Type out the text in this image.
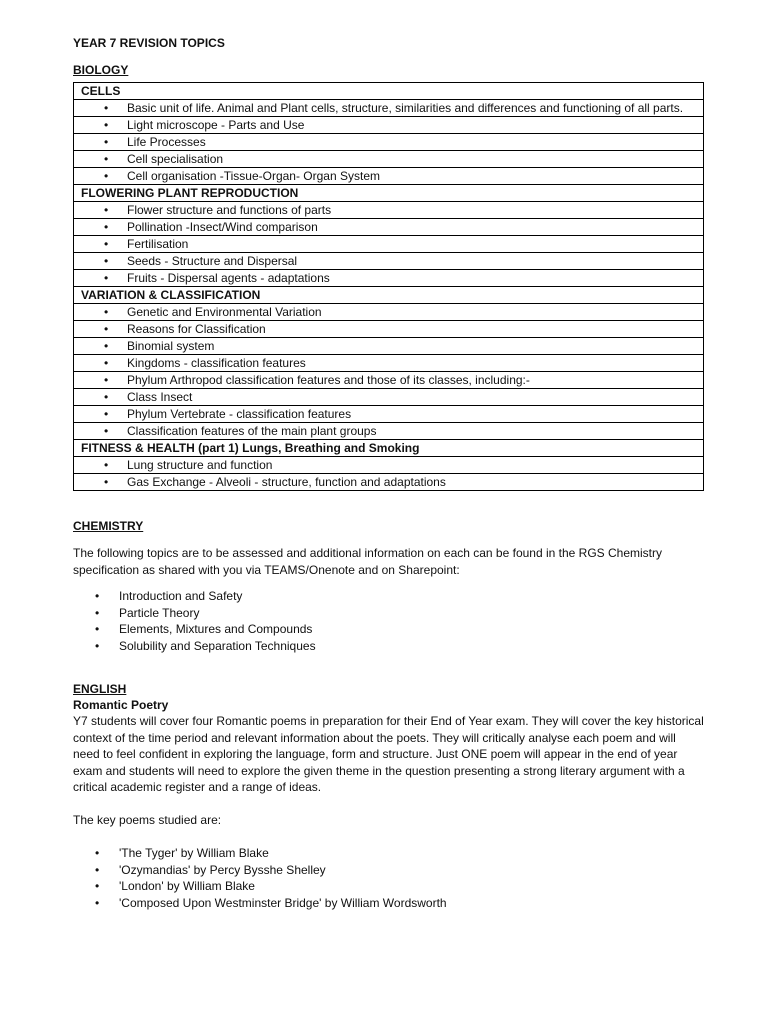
YEAR 7 REVISION TOPICS
BIOLOGY
CELLS

• Basic unit of life. Animal and Plant cells, structure, similarities and differences and functioning of all parts.

• Light microscope - Parts and Use

• Life Processes

• Cell specialisation

• Cell organisation -Tissue-Organ- Organ System
FLOWERING PLANT REPRODUCTION

• Flower structure and functions of parts

• Pollination -Insect/Wind comparison

• Fertilisation

• Seeds - Structure and Dispersal

• Fruits - Dispersal agents - adaptations
VARIATION & CLASSIFICATION

• Genetic and Environmental Variation

• Reasons for Classification

• Binomial system

• Kingdoms - classification features

• Phylum Arthropod classification features and those of its classes, including:-

• Class Insect

• Phylum Vertebrate - classification features

• Classification features of the main plant groups
FITNESS & HEALTH (part 1) Lungs, Breathing and Smoking

• Lung structure and function

• Gas Exchange - Alveoli - structure, function and adaptations
CHEMISTRY

The following topics are to be assessed and additional information on each can be found in the RGS Chemistry specification as shared with you via TEAMS/Onenote and on Sharepoint:

• Introduction and Safety
• Particle Theory
• Elements, Mixtures and Compounds
• Solubility and Separation Techniques
ENGLISH
Romantic Poetry

Y7 students will cover four Romantic poems in preparation for their End of Year exam. They will cover the key historical context of the time period and relevant information about the poets. They will critically analyse each poem and will need to feel confident in exploring the language, form and structure. Just ONE poem will appear in the end of year exam and students will need to explore the given theme in the question presenting a strong literary argument with a critical academic register and a range of ideas.

The key poems studied are:

• 'The Tyger' by William Blake
• 'Ozymandias' by Percy Bysshe Shelley
• 'London' by William Blake
• 'Composed Upon Westminster Bridge' by William Wordsworth
